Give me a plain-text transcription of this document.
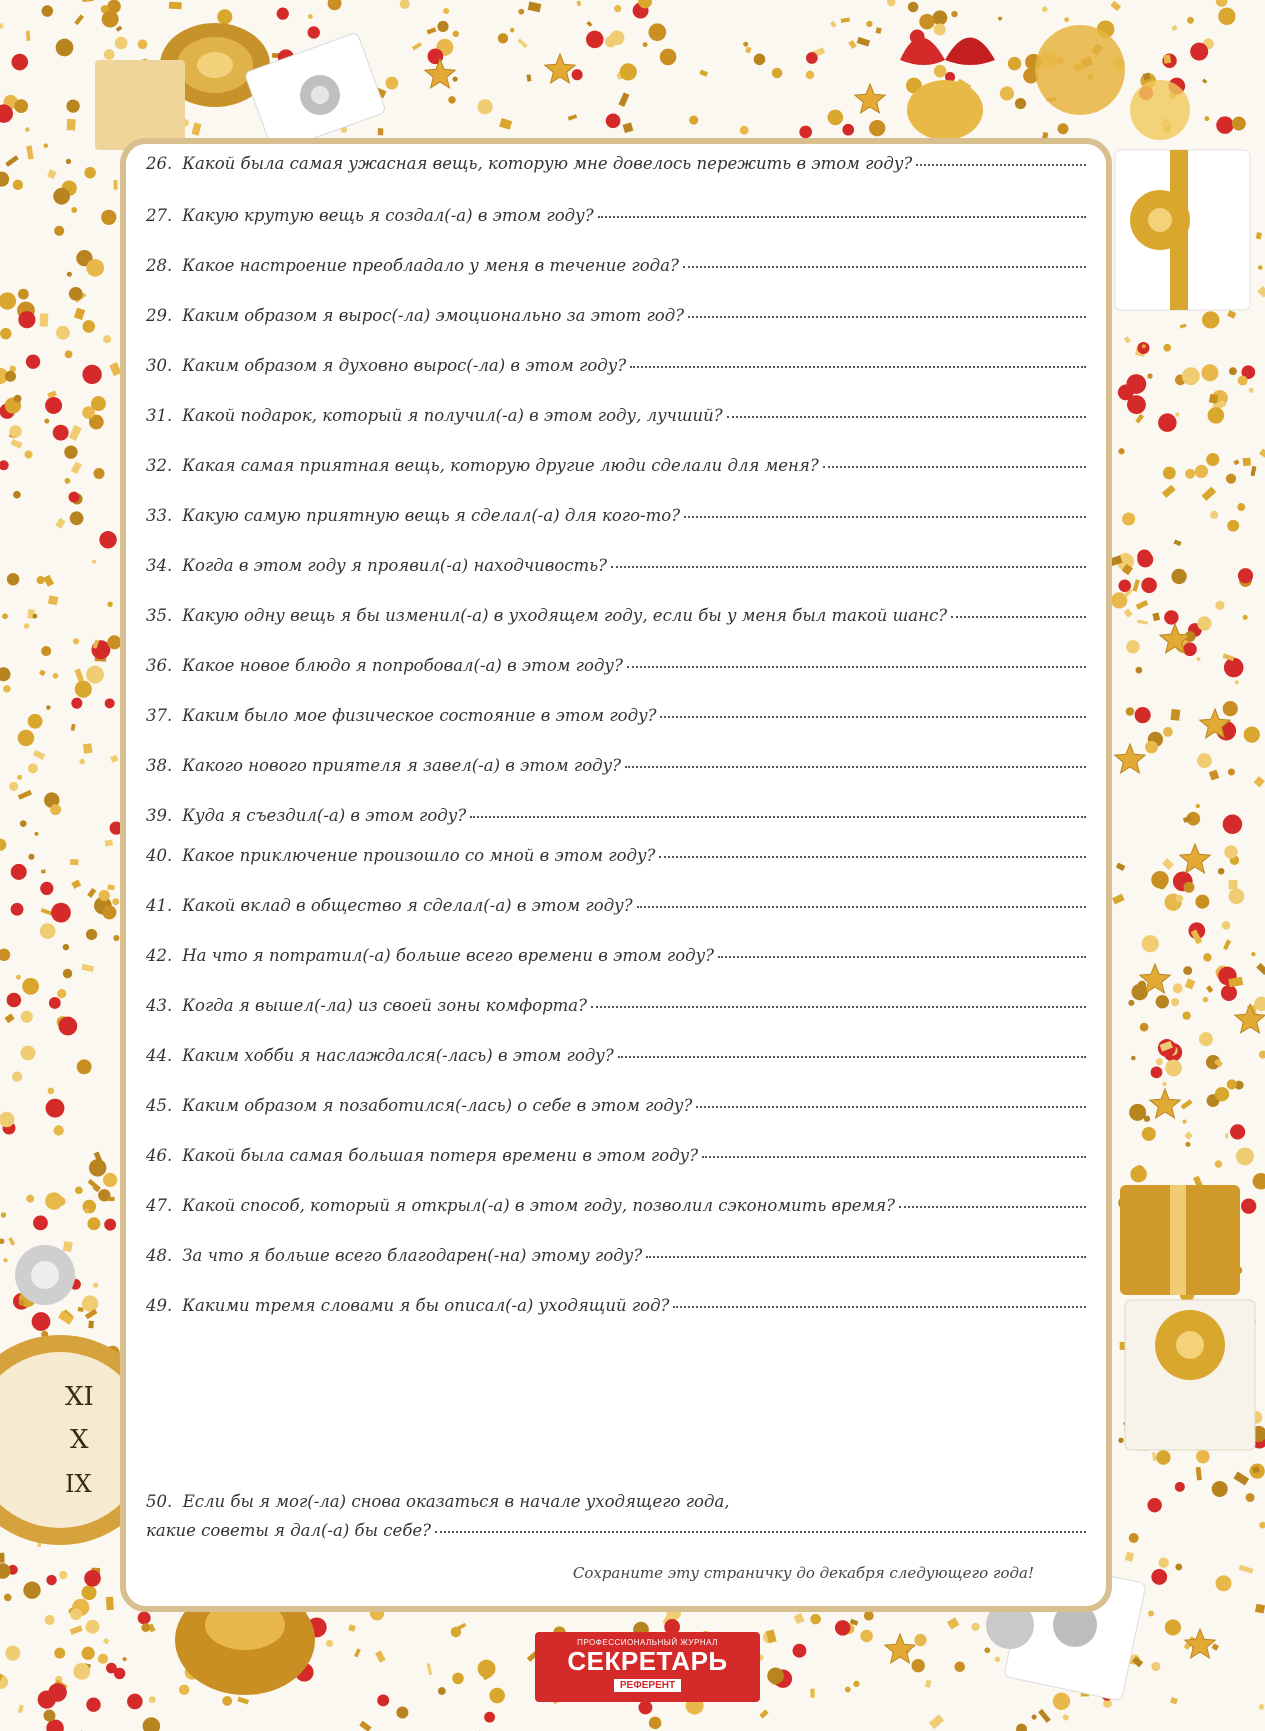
XI
X
IX
26. Какой была самая ужасная вещь, которую мне довелось пережить в этом году?
27. Какую крутую вещь я создал(-а) в этом году?
28. Какое настроение преобладало у меня в течение года?
29. Каким образом я вырос(-ла) эмоционально за этот год?
30. Каким образом я духовно вырос(-ла) в этом году?
31. Какой подарок, который я получил(-а) в этом году, лучший?
32. Какая самая приятная вещь, которую другие люди сделали для меня?
33. Какую самую приятную вещь я сделал(-а) для кого-то?
34. Когда в этом году я проявил(-а) находчивость?
35. Какую одну вещь я бы изменил(-а) в уходящем году, если бы у меня был такой шанс?
36. Какое новое блюдо я попробовал(-а) в этом году?
37. Каким было мое физическое состояние в этом году?
38. Какого нового приятеля я завел(-а) в этом году?
39. Куда я съездил(-а) в этом году?
40. Какое приключение произошло со мной в этом году?
41. Какой вклад в общество я сделал(-а) в этом году?
42. На что я потратил(-а) больше всего времени в этом году?
43. Когда я вышел(-ла) из своей зоны комфорта?
44. Каким хобби я наслаждался(-лась) в этом году?
45. Каким образом я позаботился(-лась) о себе в этом году?
46. Какой была самая большая потеря времени в этом году?
47. Какой способ, который я открыл(-а) в этом году, позволил сэкономить время?
48. За что я больше всего благодарен(-на) этому году?
49. Какими тремя словами я бы описал(-а) уходящий год?
50. Если бы я мог(-ла) снова оказаться в начале уходящего года,
какие советы я дал(-а) бы себе?
Сохраните эту страничку до декабря следующего года!
ПРОФЕССИОНАЛЬНЫЙ ЖУРНАЛ
СЕКРЕТАРЬ
РЕФЕРЕНТ
